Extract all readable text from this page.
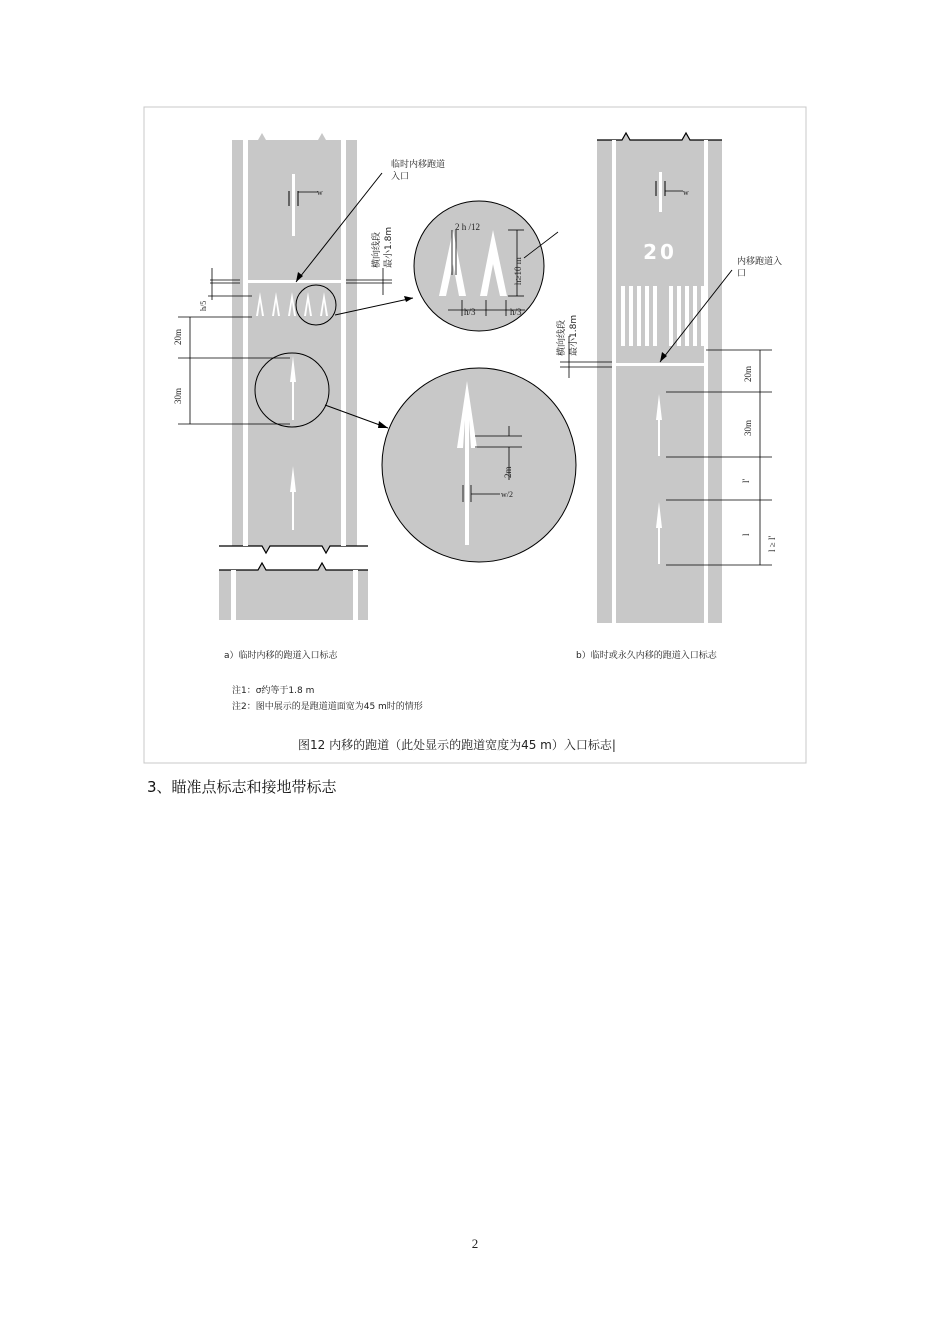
w
h/5
20m
30m
临时内移跑道
入口
横向线段 最小1.8m	2 h /12
h≥10 m
h/3	h/3
2m
w/2
w
20
20m
30m
l'
l
l ≥ l'
内移跑道入
口
横向线段 最小1.8m
a）临时内移的跑道入口标志	b）临时或永久内移的跑道入口标志
注1：σ约等于1.8 m
注2：图中展示的是跑道道面宽为45 m时的情形
图12 内移的跑道（此处显示的跑道宽度为45 m）入口标志|
3、瞄准点标志和接地带标志
2
